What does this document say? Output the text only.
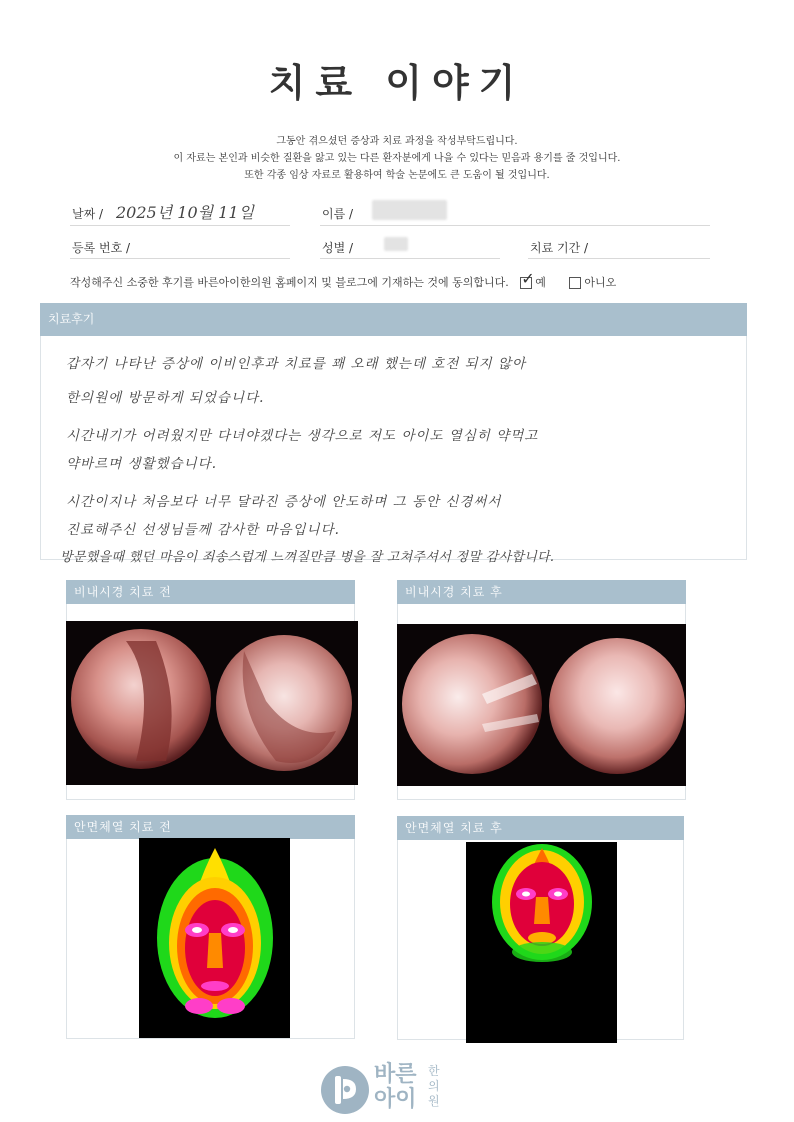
치료 이야기
그동안 겪으셨던 증상과 치료 과정을 작성부탁드립니다.
이 자료는 본인과 비슷한 질환을 앓고 있는 다른 환자분에게 나을 수 있다는 믿음과 용기를 줄 것입니다.
또한 각종 임상 자료로 활용하여 학술 논문에도 큰 도움이 될 것입니다.
날짜 / 2025년 10월 11일	이름 /
등록 번호 /	성별 /	치료 기간 /
작성해주신 소중한 후기를 바른아이한의원 홈페이지 및 블로그에 기재하는 것에 동의합니다. ✓ 예	아니오
치료후기
갑자기 나타난 증상에 이비인후과 치료를 꽤 오래 했는데 호전 되지 않아
한의원에 방문하게 되었습니다.
시간내기가 어려웠지만 다녀야겠다는 생각으로 저도 아이도 열심히 약먹고
약바르며 생활했습니다.
시간이지나 처음보다 너무 달라진 증상에 안도하며 그 동안 신경써서
진료해주신 선생님들께 감사한 마음입니다.
방문했을때 했던 마음이 죄송스럽게 느껴질만큼 병을 잘 고쳐주셔서 정말 감사합니다.
비내시경 치료 전	비내시경 치료 후
안면체열 치료 전	안면체열 치료 후
바른
아이
한의원
